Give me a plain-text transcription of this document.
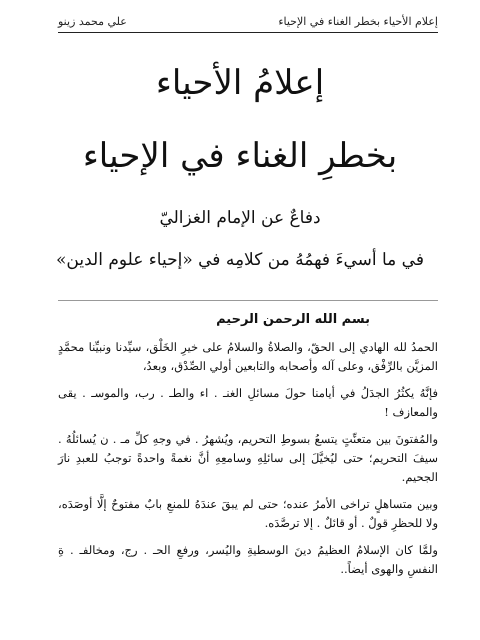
علي محمد زينو	إعلام الأحياء بخطر الغناء في الإحياء
إعلامُ الأحياء
بخطرِ الغناء في الإحياء
دفاعٌ عن الإمام الغزاليّ
في ما أسيءَ فهمُهُ من كلامِه في «إحياء علوم الدين»
بسم الله الرحمن الرحيم

الحمدُ لله الهادي إلى الحقّ، والصلاةُ والسلامُ على خيرِ الخَلْق، سيِّدنا ونبيِّنا محمَّدٍ المزيَّن بالرِّفْق، وعلى آله وأصحابه والتابعين أولي الصِّدْق، وبعدُ،

فإنَّهُ يكثُرُ الجدَلُ في أيامنا حولَ مسائلِ الغنـ . اء والطـ . رب، والموسـ . يقى والمعازف !

والمُفتونَ بين متعنِّتٍ يتسعُ بسوطِ التحريم، ويُشهرُ . في وجهِ كلِّ مـ . ن يُسائلُهُ . سيفَ التحريم؛ حتى ليُخيَّلَ إلى سائلِهِ وسامعِهِ أنَّ نغمةً واحدةً توجبُ للعبدِ نارَ الجحيم.

وبين متساهلٍ تراخى الأمرُ عنده؛ حتى لم يبقَ عندَهُ للمنعِ بابٌ مفتوحٌ إلَّا أوصَدَه، ولا للحظرِ قولٌ . أو قائلٌ . إلا ترصَّدَه.

ولمَّا كان الإسلامُ العظيمُ دينَ الوسطيةِ واليُسر، ورفعِ الحـ . رج، ومخالفـ . ةِ النفسِ والهوى أيضاً..
